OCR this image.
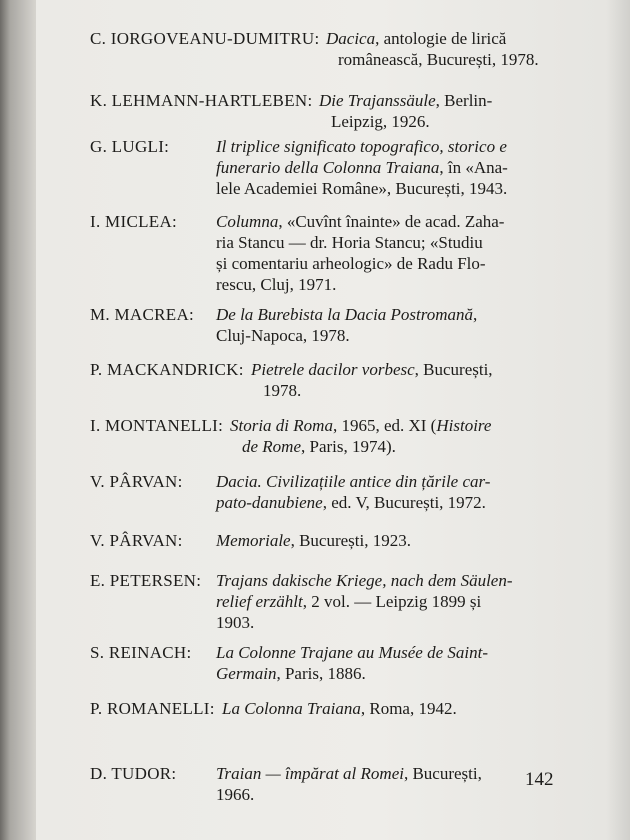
C. IORGOVEANU-DUMITRU: Dacica, antologie de lirică
românească, București, 1978.
K. LEHMANN-HARTLEBEN: Die Trajanssäule, Berlin-
Leipzig, 1926.
G. LUGLI:	Il triplice significato topografico, storico e
funerario della Colonna Traiana, în «Ana-
lele Academiei Române», București, 1943.
I. MICLEA: Columna, «Cuvînt înainte» de acad. Zaha-
ria Stancu — dr. Horia Stancu; «Studiu
și comentariu arheologic» de Radu Flo-
rescu, Cluj, 1971.
M. MACREA: De la Burebista la Dacia Postromană,
Cluj-Napoca, 1978.
P. MACKANDRICK: Pietrele dacilor vorbesc, București,
1978.
I. MONTANELLI: Storia di Roma, 1965, ed. XI (Histoire
de Rome, Paris, 1974).
V. PÂRVAN: Dacia. Civilizațiile antice din țările car-
pato-danubiene, ed. V, București, 1972.
V. PÂRVAN: Memoriale, București, 1923.
E. PETERSEN: Trajans dakische Kriege, nach dem Säulen-
relief erzählt, 2 vol. — Leipzig 1899 și
1903.
S. REINACH: La Colonne Trajane au Musée de Saint-
Germain, Paris, 1886.
P. ROMANELLI: La Colonna Traiana, Roma, 1942.
D. TUDOR: Traian — împărat al Romei, București,
1966.
142
